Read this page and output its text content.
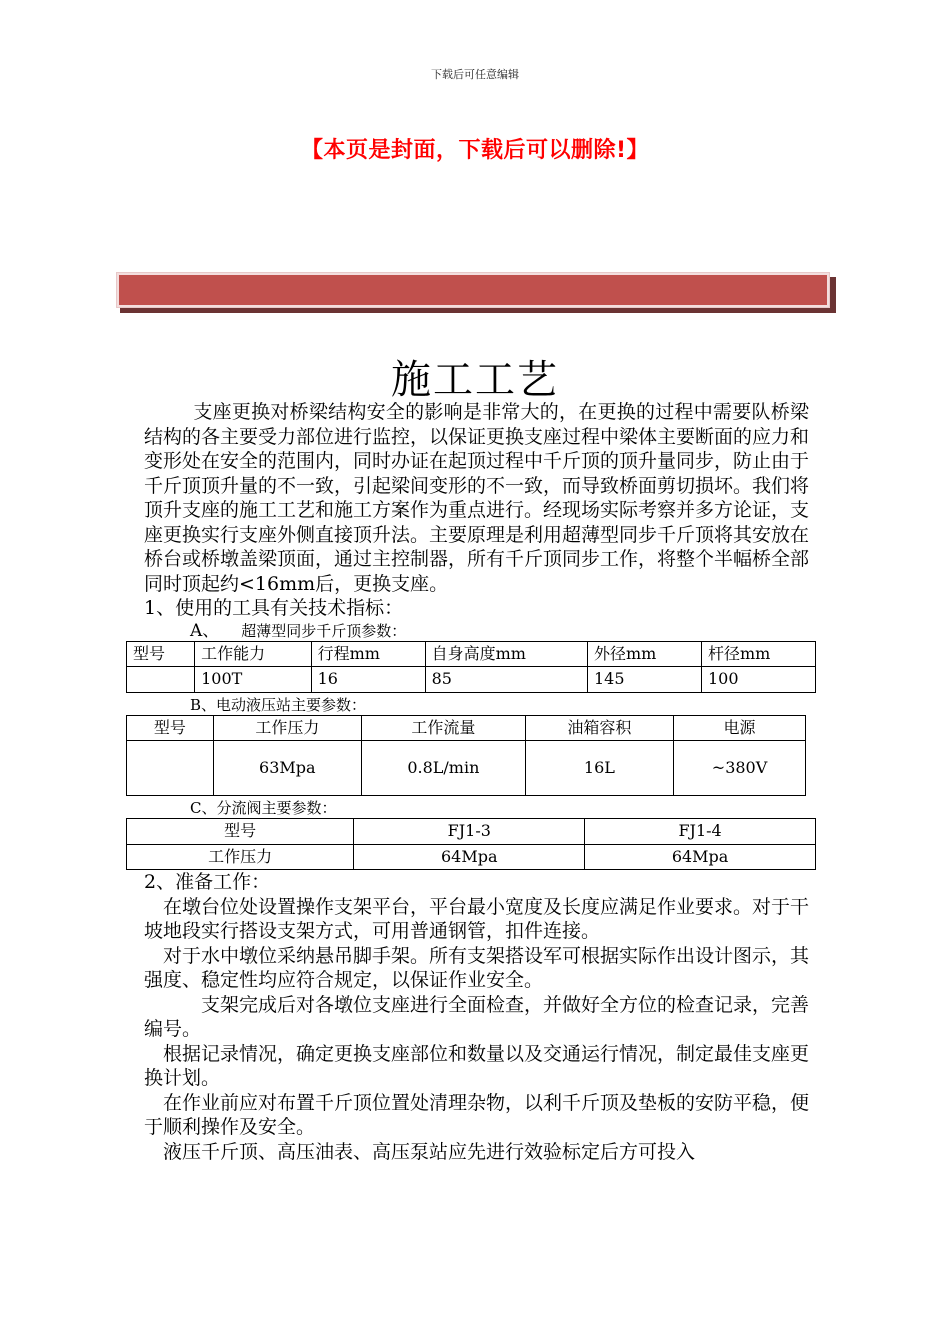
下载后可任意编辑
【本页是封面，下载后可以删除!】
施工工艺

支座更换对桥梁结构安全的影响是非常大的，在更换的过程中需要队桥梁结构的各主要受力部位进行监控，以保证更换支座过程中梁体主要断面的应力和变形处在安全的范围内，同时办证在起顶过程中千斤顶的顶升量同步，防止由于千斤顶顶升量的不一致，引起梁间变形的不一致，而导致桥面剪切损坏。我们将顶升支座的施工工艺和施工方案作为重点进行。经现场实际考察并多方论证，支座更换实行支座外侧直接顶升法。主要原理是利用超薄型同步千斤顶将其安放在桥台或桥墩盖梁顶面，通过主控制器，所有千斤顶同步工作，将整个半幅桥全部同时顶起约<16mm后，更换支座。

1、使用的工具有关技术指标：

A、 超薄型同步千斤顶参数：

型号	工作能力	行程mm	自身高度mm	外径mm	杆径mm
	100T	16	85	145	100

B、电动液压站主要参数：

型号	工作压力	工作流量	油箱容积	电源
	63Mpa	0.8L/min	16L	~380V

C、分流阀主要参数：

型号	FJ1-3	FJ1-4
工作压力	64Mpa	64Mpa

2、准备工作：

在墩台位处设置操作支架平台，平台最小宽度及长度应满足作业要求。对于干坡地段实行搭设支架方式，可用普通钢管，扣件连接。

对于水中墩位采纳悬吊脚手架。所有支架搭设军可根据实际作出设计图示，其强度、稳定性均应符合规定，以保证作业安全。

支架完成后对各墩位支座进行全面检查，并做好全方位的检查记录，完善编号。

根据记录情况，确定更换支座部位和数量以及交通运行情况，制定最佳支座更换计划。

在作业前应对布置千斤顶位置处清理杂物，以利千斤顶及垫板的安防平稳，便于顺利操作及安全。

液压千斤顶、高压油表、高压泵站应先进行效验标定后方可投入
